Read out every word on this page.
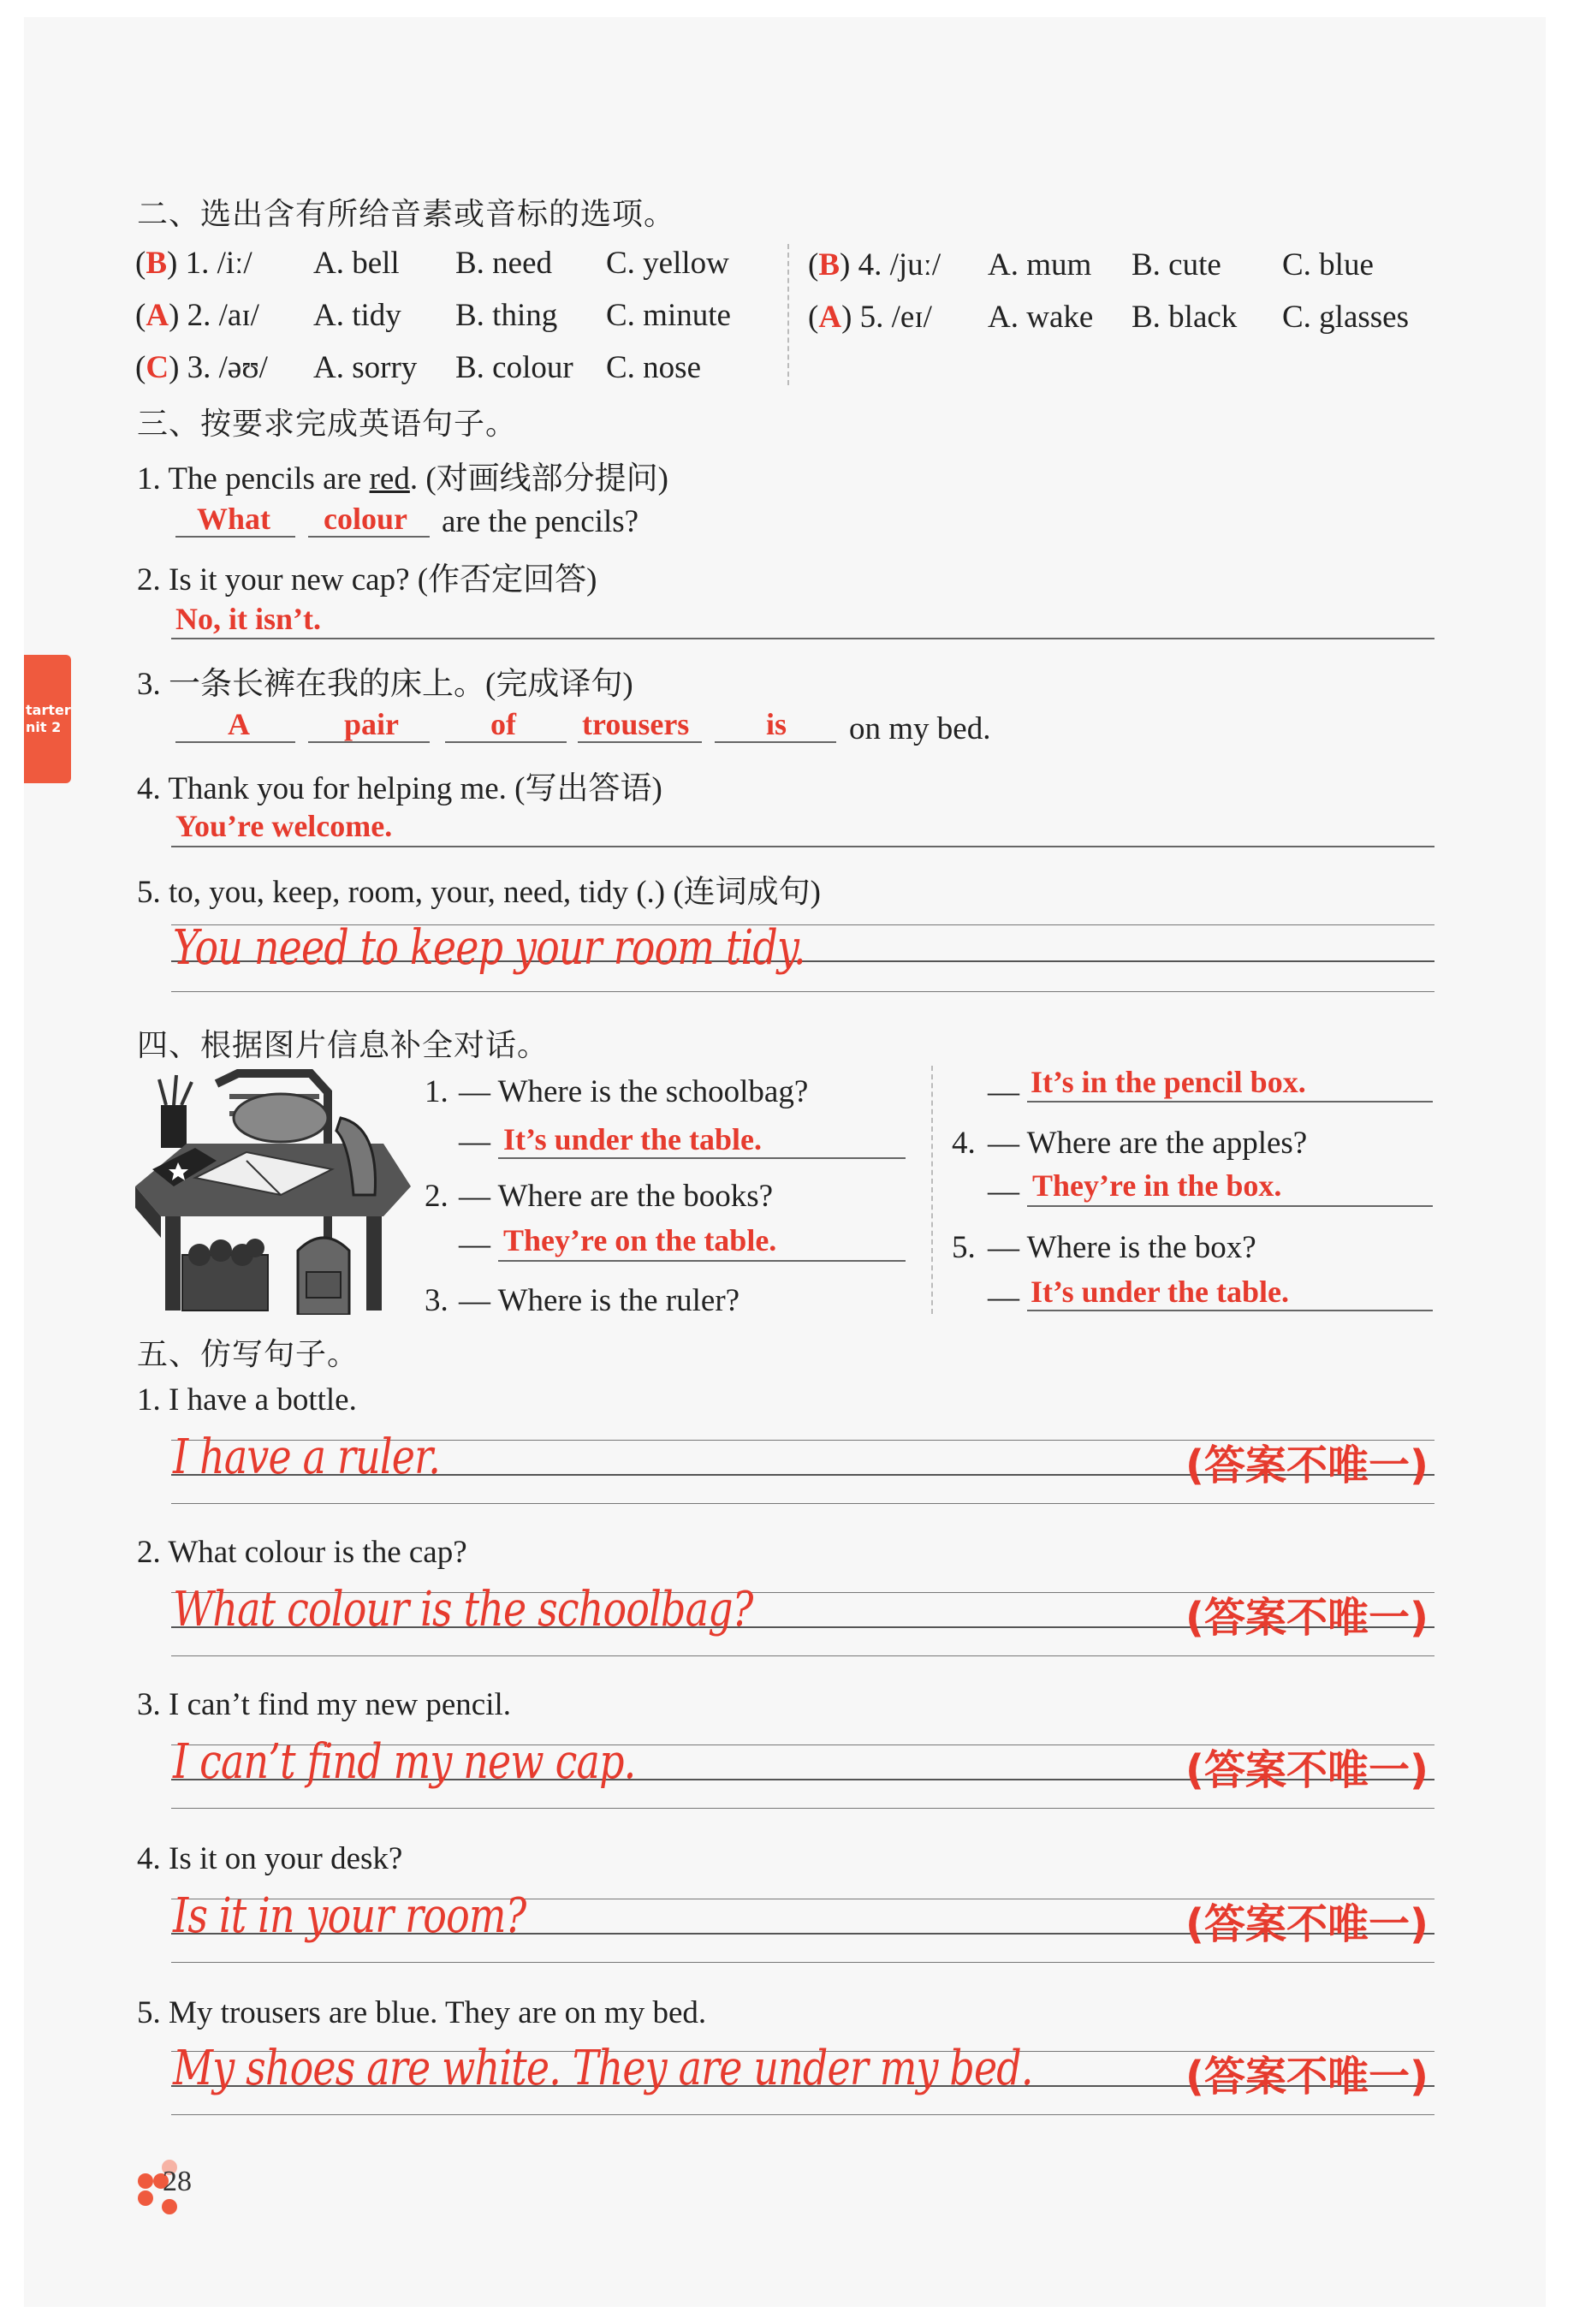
tarter
nit 2
二、选出含有所给音素或音标的选项。
(B) 1. /iː/ A. bell B. need C. yellow
(A) 2. /aɪ/ A. tidy B. thing C. minute
(C) 3. /əʊ/ A. sorry B. colour C. nose
(B) 4. /juː/ A. mum B. cute C. blue
(A) 5. /eɪ/ A. wake B. black C. glasses
三、按要求完成英语句子。
1. The pencils are red. (对画线部分提问)
What colour are the pencils?
2. Is it your new cap? (作否定回答)
No, it isn’t.
3. 一条长裤在我的床上。(完成译句)
A	pair	of trousers is on my bed.
4. Thank you for helping me. (写出答语)
You’re welcome.
5. to, you, keep, room, your, need, tidy (.) (连词成句)
You need to keep your room tidy.
四、根据图片信息补全对话。
1. — Where is the schoolbag?
— It’s under the table.
2. — Where are the books?
— They’re on the table.
3. — Where is the ruler?
— It’s in the pencil box.
4. — Where are the apples?
— They’re in the box.
5. — Where is the box?
— It’s under the table.
五、仿写句子。
1. I have a bottle.
I have a ruler.	(答案不唯一)
2. What colour is the cap?
What colour is the schoolbag?	(答案不唯一)
3. I can’t find my new pencil.
I can’t find my new cap.	(答案不唯一)
4. Is it on your desk?
Is it in your room?	(答案不唯一)
5. My trousers are blue. They are on my bed.
My shoes are white. They are under my bed.	(答案不唯一)
28
